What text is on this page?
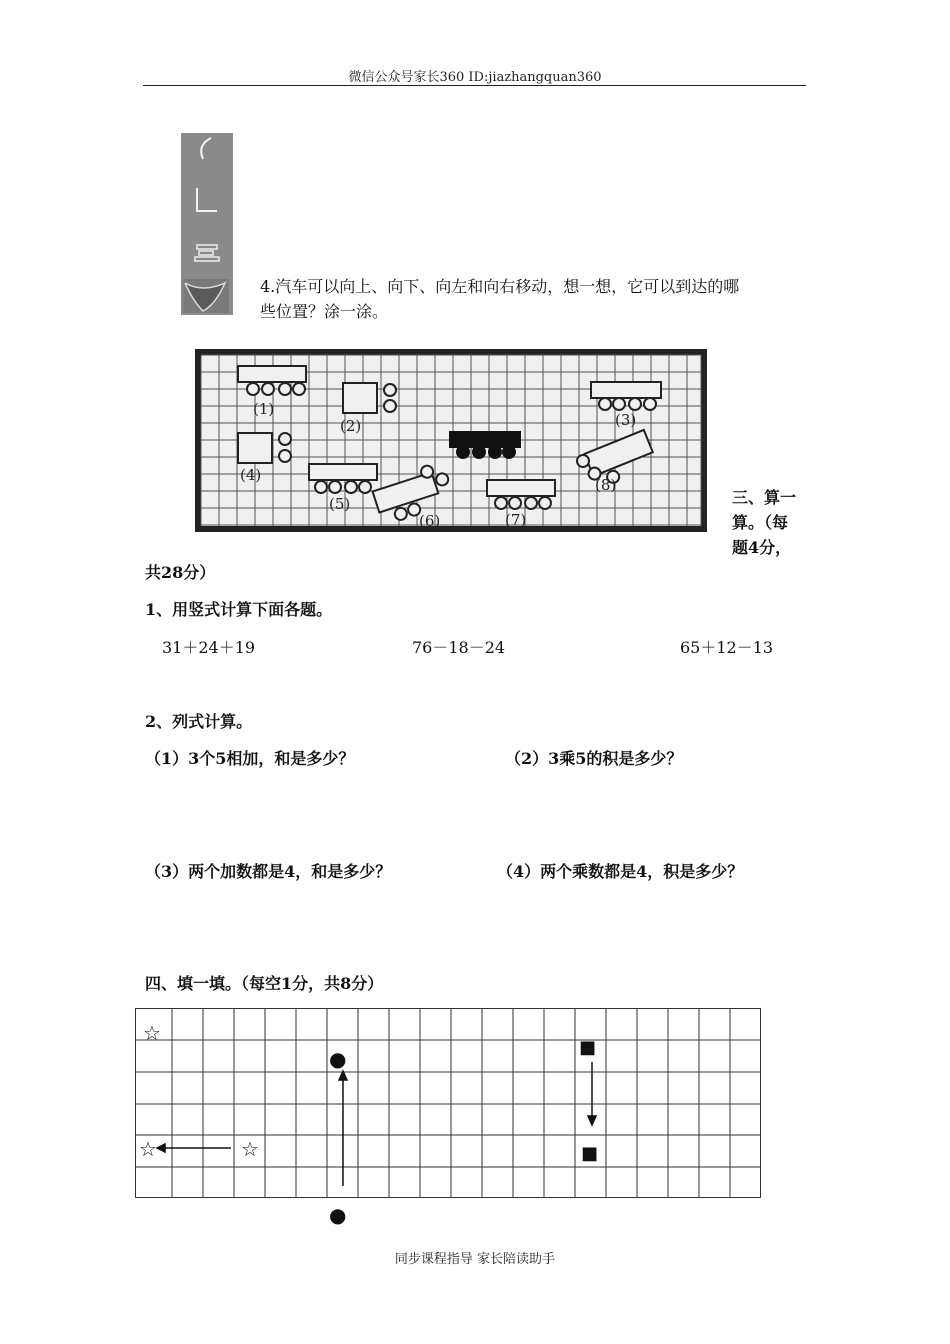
微信公众号家长360 ID:jiazhangquan360
4.汽车可以向上、向下、向左和向右移动，想一想，它可以到达的哪
些位置？涂一涂。
(1)
(2)	(3)
(4)
(5)
(6)	(7)
(8)
三、算一
算。（每
题4分，
共28分）
1、用竖式计算下面各题。
31＋24＋19	76－18－24	65＋12－13
2、列式计算。
（1）3个5相加，和是多少？	（2）3乘5的积是多少？
（3）两个加数都是4，和是多少？	（4）两个乘数都是4，积是多少？
四、填一填。（每空1分，共8分）
☆
☆	☆
●
●
■
■
同步课程指导 家长陪读助手
